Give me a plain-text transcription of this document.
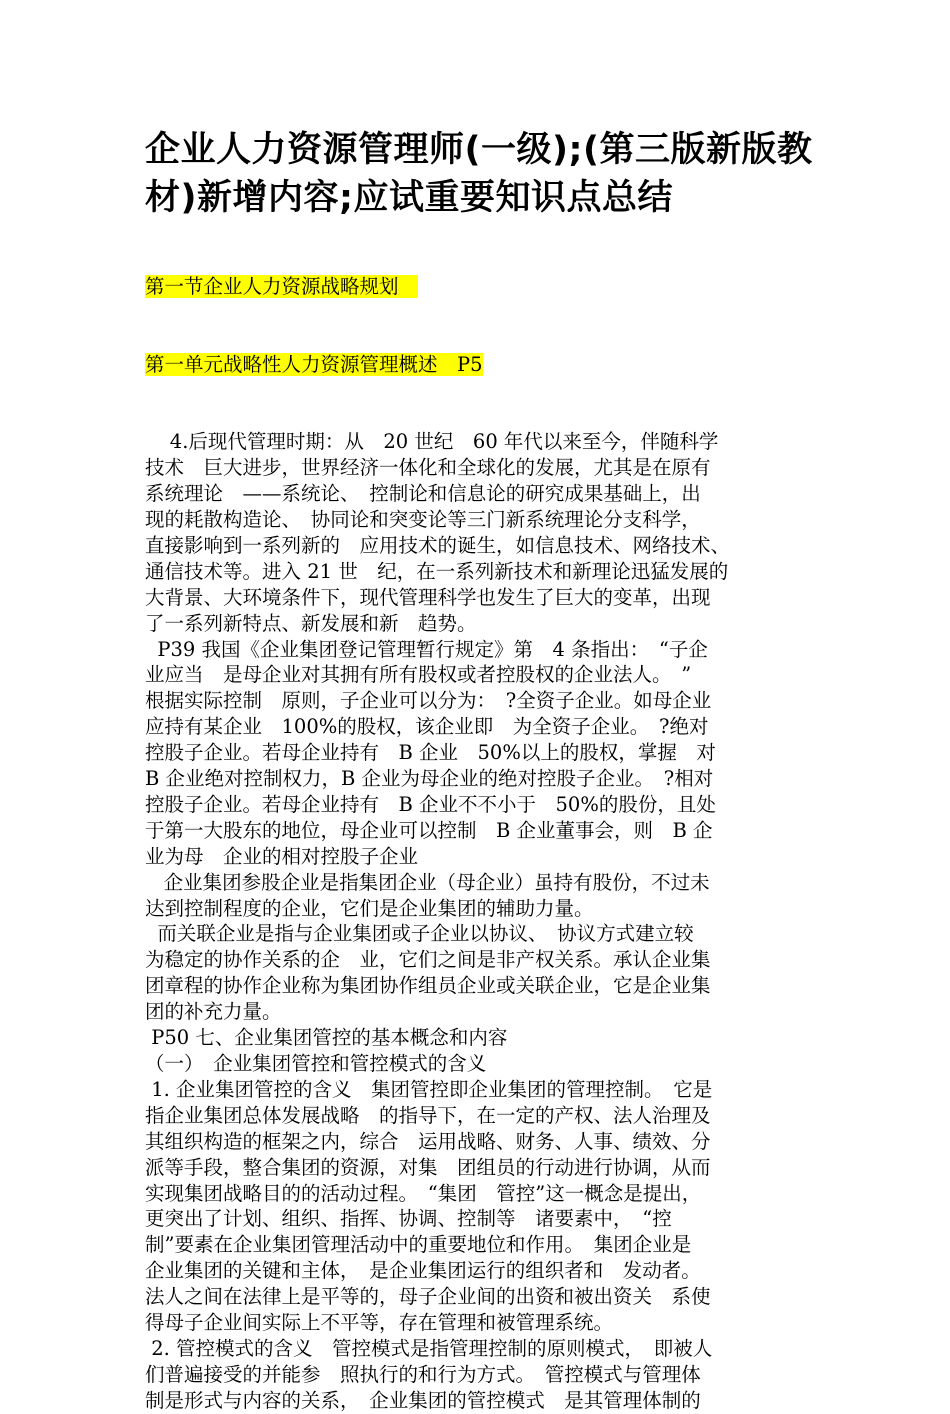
企业人力资源管理师(一级);(第三版新版教
材)新增内容;应试重要知识点总结

第一节企业人力资源战略规划　

第一单元战略性人力资源管理概述　P5

4.后现代管理时期：从　20 世纪　60 年代以来至今，伴随科学
技术　巨大进步，世界经济一体化和全球化的发展，尤其是在原有
系统理论　——系统论、　控制论和信息论的研究成果基础上，出
现的耗散构造论、　协同论和突变论等三门新系统理论分支科学，
直接影响到一系列新的　应用技术的诞生，如信息技术、网络技术、
通信技术等。进入 21 世　纪，在一系列新技术和新理论迅猛发展的
大背景、大环境条件下，现代管理科学也发生了巨大的变革，出现
了一系列新特点、新发展和新　趋势。
P39 我国《企业集团登记管理暂行规定》第　4 条指出：　“子企
业应当　是母企业对其拥有所有股权或者控股权的企业法人。　”
根据实际控制　原则，子企业可以分为：　?全资子企业。如母企业
应持有某企业　100%的股权，该企业即　为全资子企业。　?绝对
控股子企业。若母企业持有　B 企业　50%以上的股权，掌握　对
B 企业绝对控制权力，B 企业为母企业的绝对控股子企业。　?相对
控股子企业。若母企业持有　B 企业不不小于　50%的股份，且处
于第一大股东的地位，母企业可以控制　B 企业董事会，则　B 企
业为母　企业的相对控股子企业
企业集团参股企业是指集团企业（母企业）虽持有股份，不过未
达到控制程度的企业，它们是企业集团的辅助力量。
而关联企业是指与企业集团或子企业以协议、　协议方式建立较
为稳定的协作关系的企　业，它们之间是非产权关系。承认企业集
团章程的协作企业称为集团协作组员企业或关联企业，它是企业集
团的补充力量。
P50 七、企业集团管控的基本概念和内容
（一）　企业集团管控和管控模式的含义
1. 企业集团管控的含义　集团管控即企业集团的管理控制。　它是
指企业集团总体发展战略　的指导下，在一定的产权、法人治理及
其组织构造的框架之内，综合　运用战略、财务、人事、绩效、分
派等手段，整合集团的资源，对集　团组员的行动进行协调，从而
实现集团战略目的的活动过程。　“集团　管控”这一概念是提出，
更突出了计划、组织、指挥、协调、控制等　诸要素中，　“控
制”要素在企业集团管理活动中的重要地位和作用。　集团企业是
企业集团的关键和主体，　是企业集团运行的组织者和　发动者。
法人之间在法律上是平等的，母子企业间的出资和被出资关　系使
得母子企业间实际上不平等，存在管理和被管理系统。
2. 管控模式的含义　管控模式是指管理控制的原则模式，　即被人
们普遍接受的并能参　照执行的和行为方式。　管控模式与管理体
制是形式与内容的关系，　企业集团的管控模式　是其管理体制的
